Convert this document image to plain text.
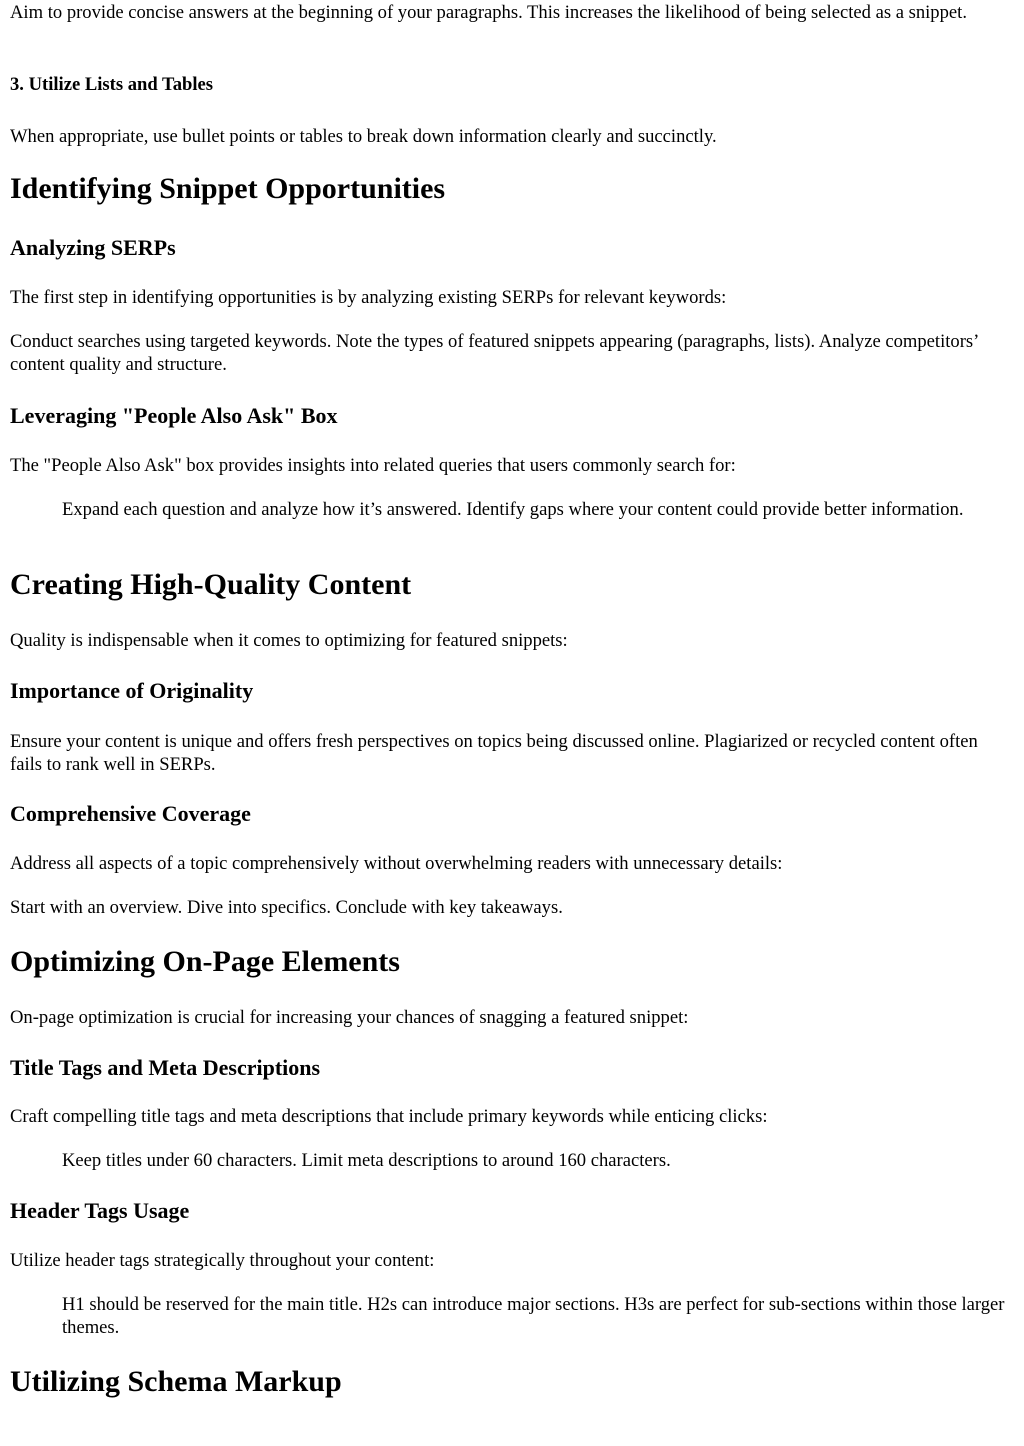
Aim to provide concise answers at the beginning of your paragraphs. This increases the likelihood of being selected as a snippet.

3. Utilize Lists and Tables

When appropriate, use bullet points or tables to break down information clearly and succinctly.

Identifying Snippet Opportunities
Analyzing SERPs

The first step in identifying opportunities is by analyzing existing SERPs for relevant keywords:

Conduct searches using targeted keywords. Note the types of featured snippets appearing (paragraphs, lists). Analyze competitors’ content quality and structure.

Leveraging "People Also Ask" Box

The "People Also Ask" box provides insights into related queries that users commonly search for:

Expand each question and analyze how it’s answered. Identify gaps where your content could provide better information.
Creating High-Quality Content

Quality is indispensable when it comes to optimizing for featured snippets:

Importance of Originality

Ensure your content is unique and offers fresh perspectives on topics being discussed online. Plagiarized or recycled content often fails to rank well in SERPs.

Comprehensive Coverage

Address all aspects of a topic comprehensively without overwhelming readers with unnecessary details:

Start with an overview. Dive into specifics. Conclude with key takeaways.

Optimizing On-Page Elements

On-page optimization is crucial for increasing your chances of snagging a featured snippet:

Title Tags and Meta Descriptions

Craft compelling title tags and meta descriptions that include primary keywords while enticing clicks:

Keep titles under 60 characters. Limit meta descriptions to around 160 characters.
Header Tags Usage

Utilize header tags strategically throughout your content:

H1 should be reserved for the main title. H2s can introduce major sections. H3s are perfect for sub-sections within those larger themes.
Utilizing Schema Markup
